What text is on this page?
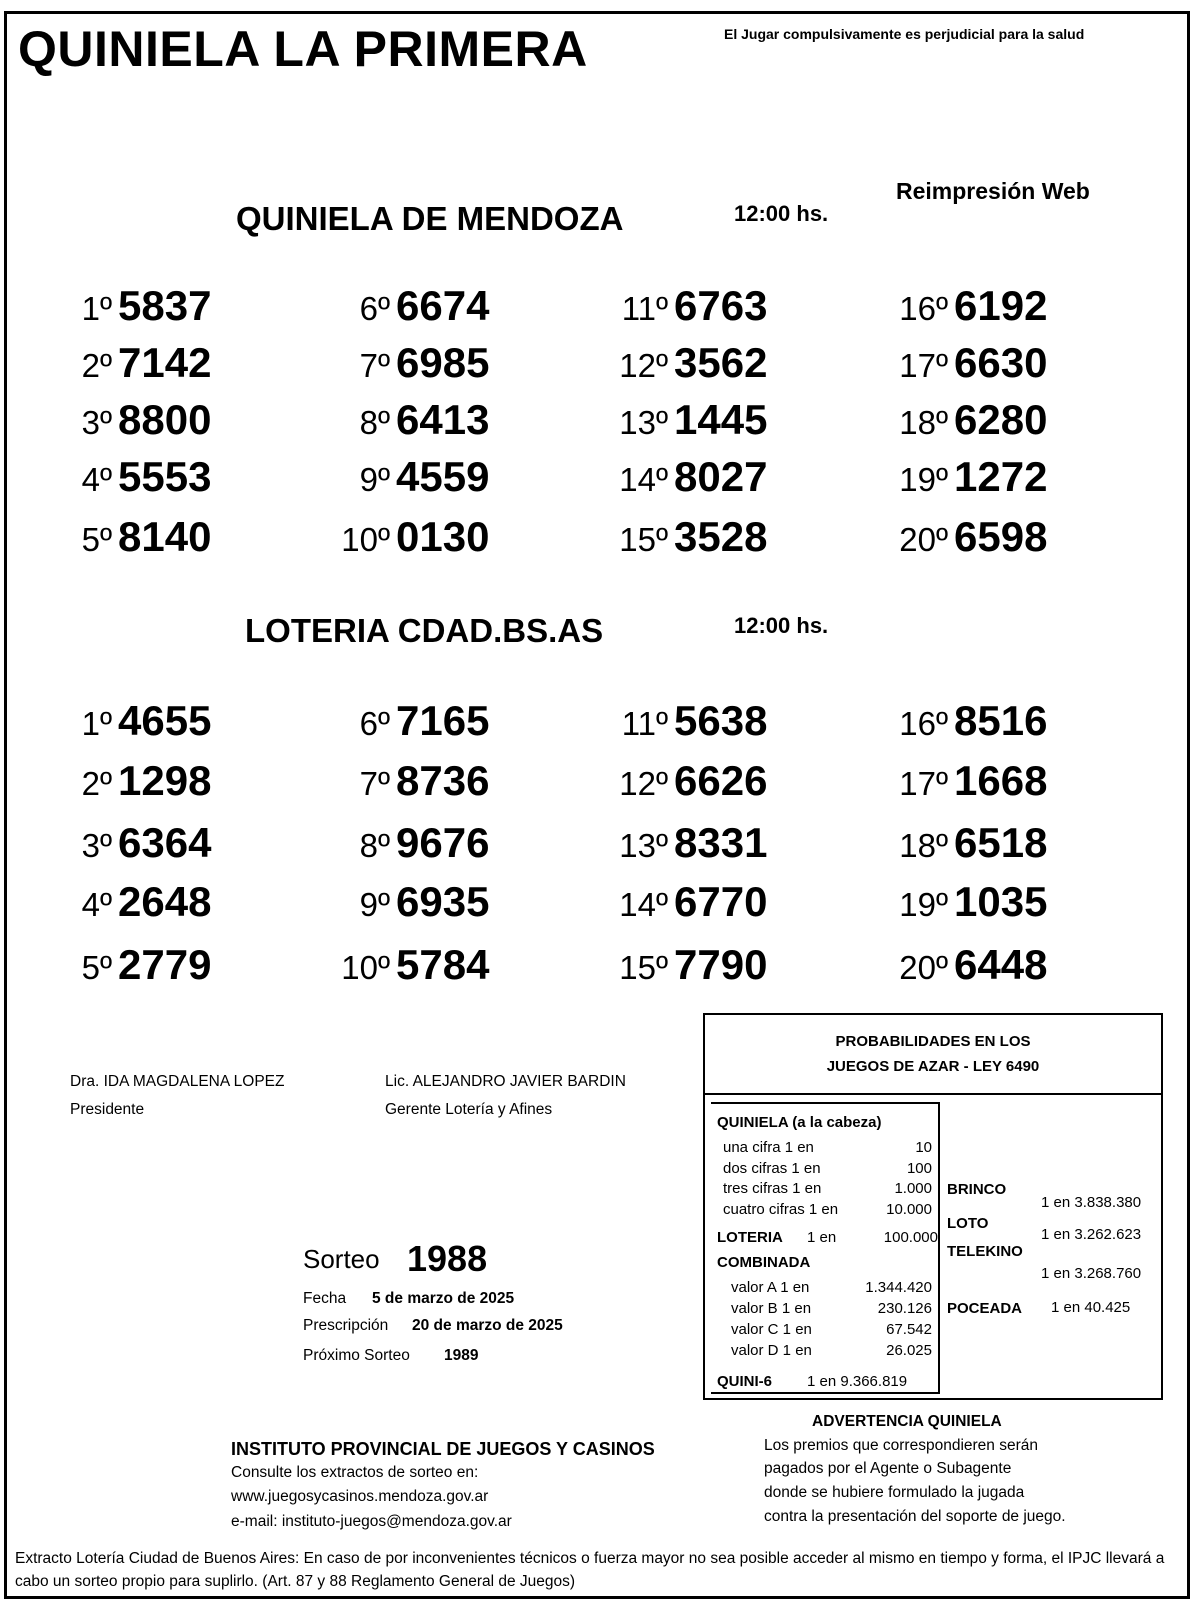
QUINIELA LA PRIMERA	El Jugar compulsivamente es perjudicial para la salud
Reimpresión Web
QUINIELA DE MENDOZA	12:00 hs.
1º 5837
2º 7142
3º 8800
4º 5553
5º 8140
6º 6674
7º 6985
8º 6413
9º 4559
10º 0130
11º 6763
12º 3562
13º 1445
14º 8027
15º 3528
16º 6192
17º 6630
18º 6280
19º 1272
20º 6598
LOTERIA CDAD.BS.AS	12:00 hs.
1º 4655
2º 1298
3º 6364
4º 2648
5º 2779
6º 7165
7º 8736
8º 9676
9º 6935
10º 5784
11º 5638
12º 6626
13º 8331
14º 6770
15º 7790
16º 8516
17º 1668
18º 6518
19º 1035
20º 6448
Dra. IDA MAGDALENA LOPEZ
Presidente
Lic. ALEJANDRO JAVIER BARDIN
Gerente Lotería y Afines
Sorteo 1988
Fecha 5 de marzo de 2025
Prescripción 20 de marzo de 2025
Próximo Sorteo 1989
PROBABILIDADES EN LOS
JUEGOS DE AZAR - LEY 6490
QUINIELA (a la cabeza)
una cifra 1 en	10
dos cifras 1 en	100
tres cifras 1 en	1.000
cuatro cifras 1 en	10.000
LOTERIA 1 en	100.000
COMBINADA
valor A 1 en	1.344.420
valor B 1 en	230.126
valor C 1 en	67.542
valor D 1 en	26.025
QUINI-6 1 en 9.366.819
BRINCO
1 en 3.838.380
LOTO
1 en 3.262.623
TELEKINO
1 en 3.268.760
POCEADA 1 en 40.425
INSTITUTO PROVINCIAL DE JUEGOS Y CASINOS
Consulte los extractos de sorteo en:
www.juegosycasinos.mendoza.gov.ar
e-mail: instituto-juegos@mendoza.gov.ar
ADVERTENCIA QUINIELA
Los premios que correspondieren serán
pagados por el Agente o Subagente
donde se hubiere formulado la jugada
contra la presentación del soporte de juego.
Extracto Lotería Ciudad de Buenos Aires: En caso de por inconvenientes técnicos o fuerza mayor no sea posible acceder al mismo en tiempo y forma, el IPJC llevará a cabo un sorteo propio para suplirlo. (Art. 87 y 88 Reglamento General de Juegos)
